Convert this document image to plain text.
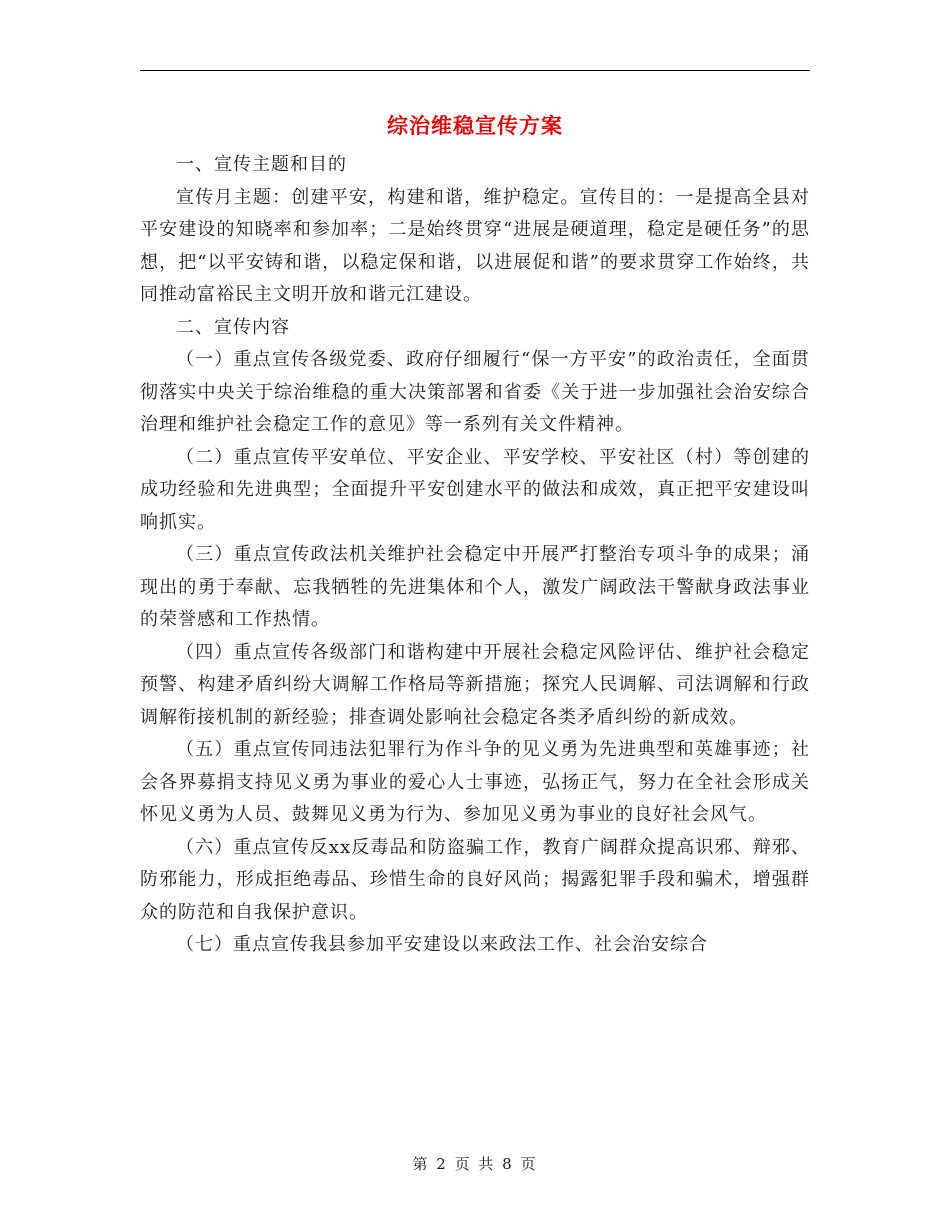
综治维稳宣传方案

一、宣传主题和目的

宣传月主题：创建平安，构建和谐，维护稳定。宣传目的：一是提高全县对平安建设的知晓率和参加率；二是始终贯穿“进展是硬道理，稳定是硬任务”的思想，把“以平安铸和谐，以稳定保和谐，以进展促和谐”的要求贯穿工作始终，共同推动富裕民主文明开放和谐元江建设。

二、宣传内容

（一）重点宣传各级党委、政府仔细履行“保一方平安”的政治责任，全面贯彻落实中央关于综治维稳的重大决策部署和省委《关于进一步加强社会治安综合治理和维护社会稳定工作的意见》等一系列有关文件精神。

（二）重点宣传平安单位、平安企业、平安学校、平安社区（村）等创建的成功经验和先进典型；全面提升平安创建水平的做法和成效，真正把平安建设叫响抓实。

（三）重点宣传政法机关维护社会稳定中开展严打整治专项斗争的成果；涌现出的勇于奉献、忘我牺牲的先进集体和个人，激发广阔政法干警献身政法事业的荣誉感和工作热情。

（四）重点宣传各级部门和谐构建中开展社会稳定风险评估、维护社会稳定预警、构建矛盾纠纷大调解工作格局等新措施；探究人民调解、司法调解和行政调解衔接机制的新经验；排查调处影响社会稳定各类矛盾纠纷的新成效。

（五）重点宣传同违法犯罪行为作斗争的见义勇为先进典型和英雄事迹；社会各界募捐支持见义勇为事业的爱心人士事迹，弘扬正气，努力在全社会形成关怀见义勇为人员、鼓舞见义勇为行为、参加见义勇为事业的良好社会风气。

（六）重点宣传反xx反毒品和防盗骗工作，教育广阔群众提高识邪、辩邪、防邪能力，形成拒绝毒品、珍惜生命的良好风尚；揭露犯罪手段和骗术，增强群众的防范和自我保护意识。

（七）重点宣传我县参加平安建设以来政法工作、社会治安综合

第 2 页 共 8 页
